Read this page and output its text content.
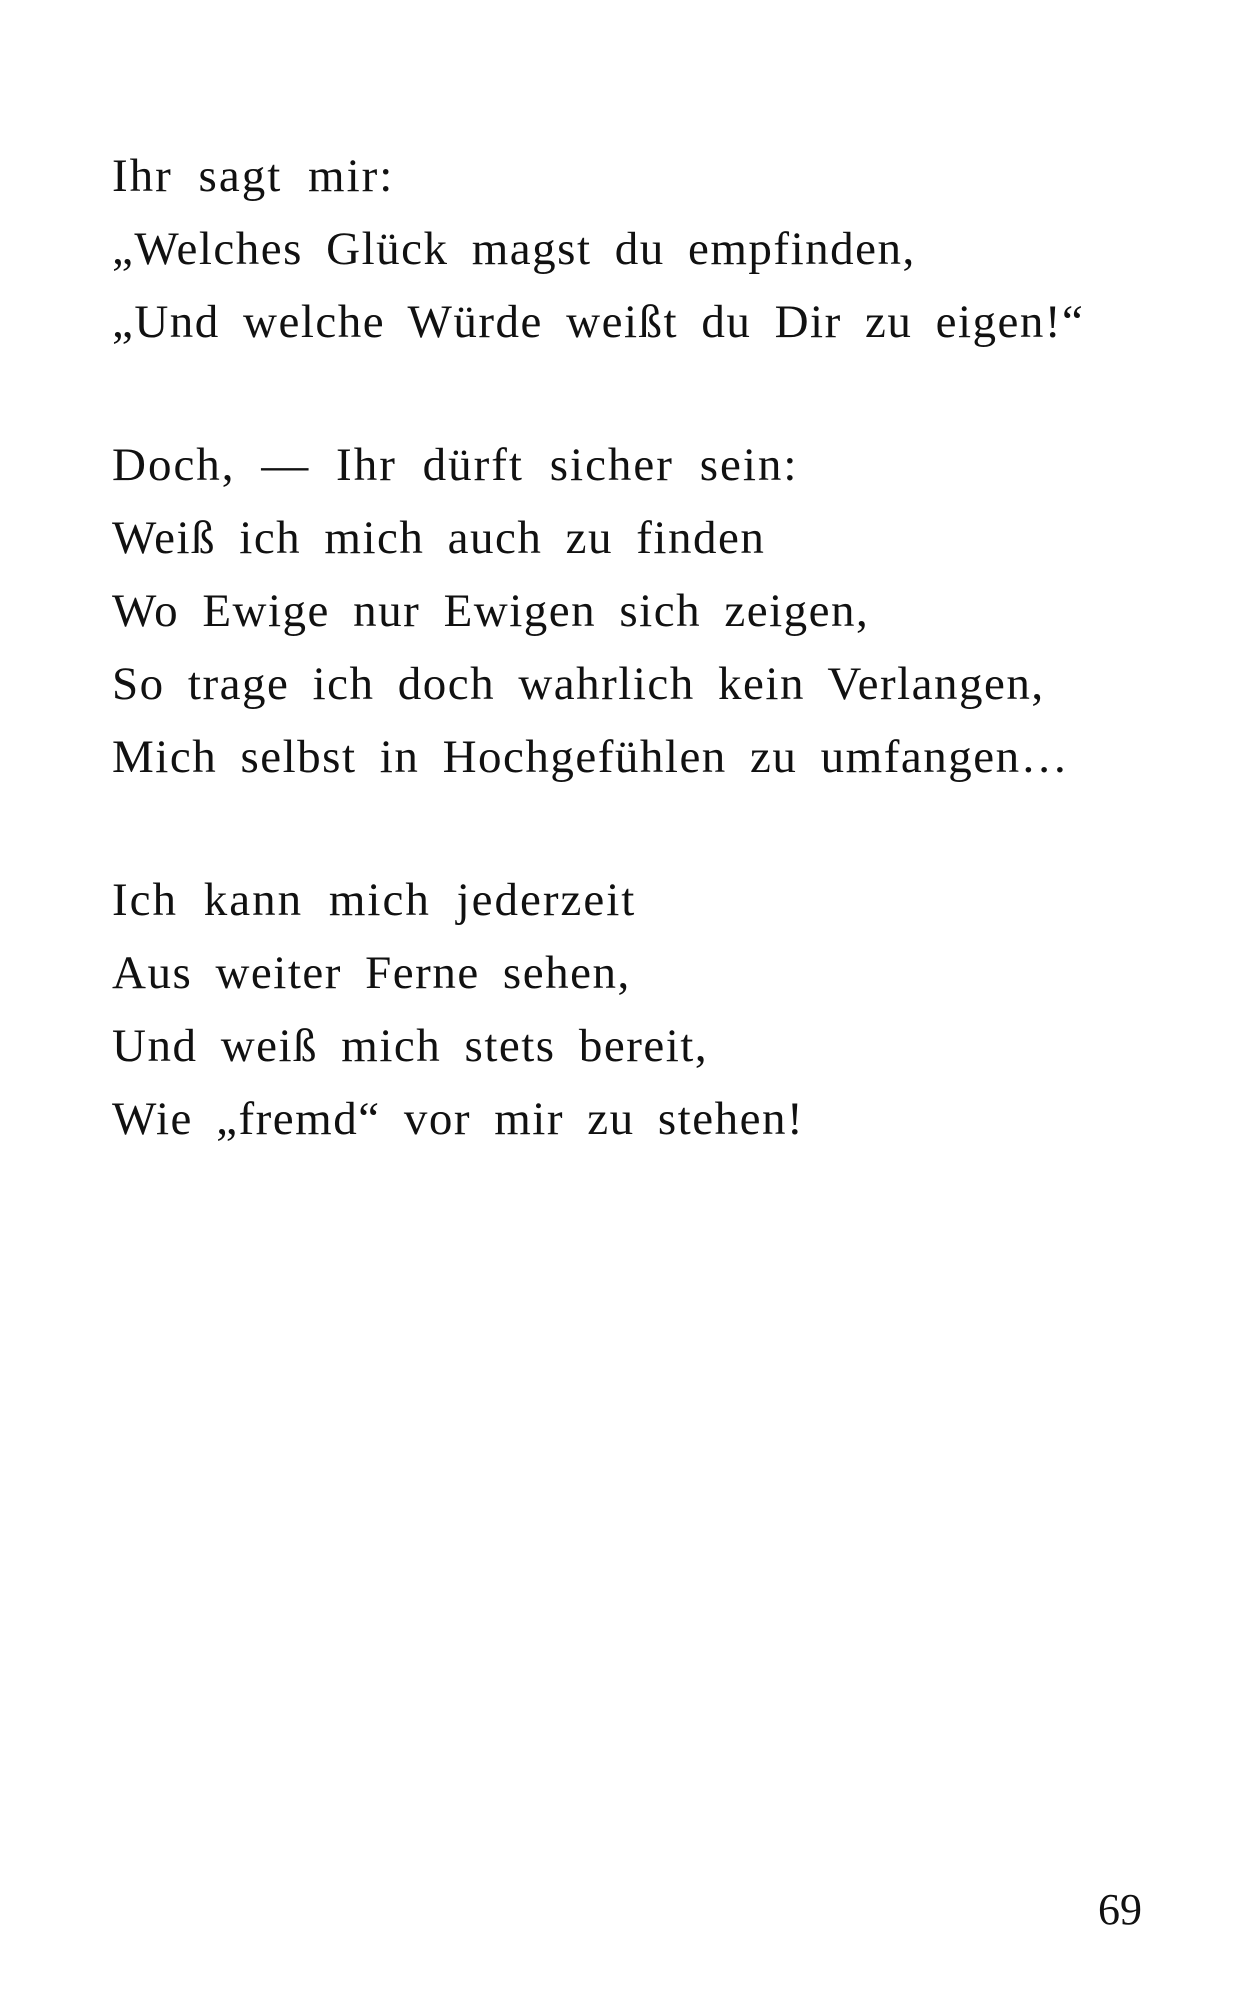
Ihr sagt mir:
„Welches Glück magst du empfinden,
„Und welche Würde weißt du Dir zu eigen!“
Doch, — Ihr dürft sicher sein:
Weiß ich mich auch zu finden
Wo Ewige nur Ewigen sich zeigen,
So trage ich doch wahrlich kein Verlangen,
Mich selbst in Hochgefühlen zu umfangen…
Ich kann mich jederzeit
Aus weiter Ferne sehen,
Und weiß mich stets bereit,
Wie „fremd“ vor mir zu stehen!
69
